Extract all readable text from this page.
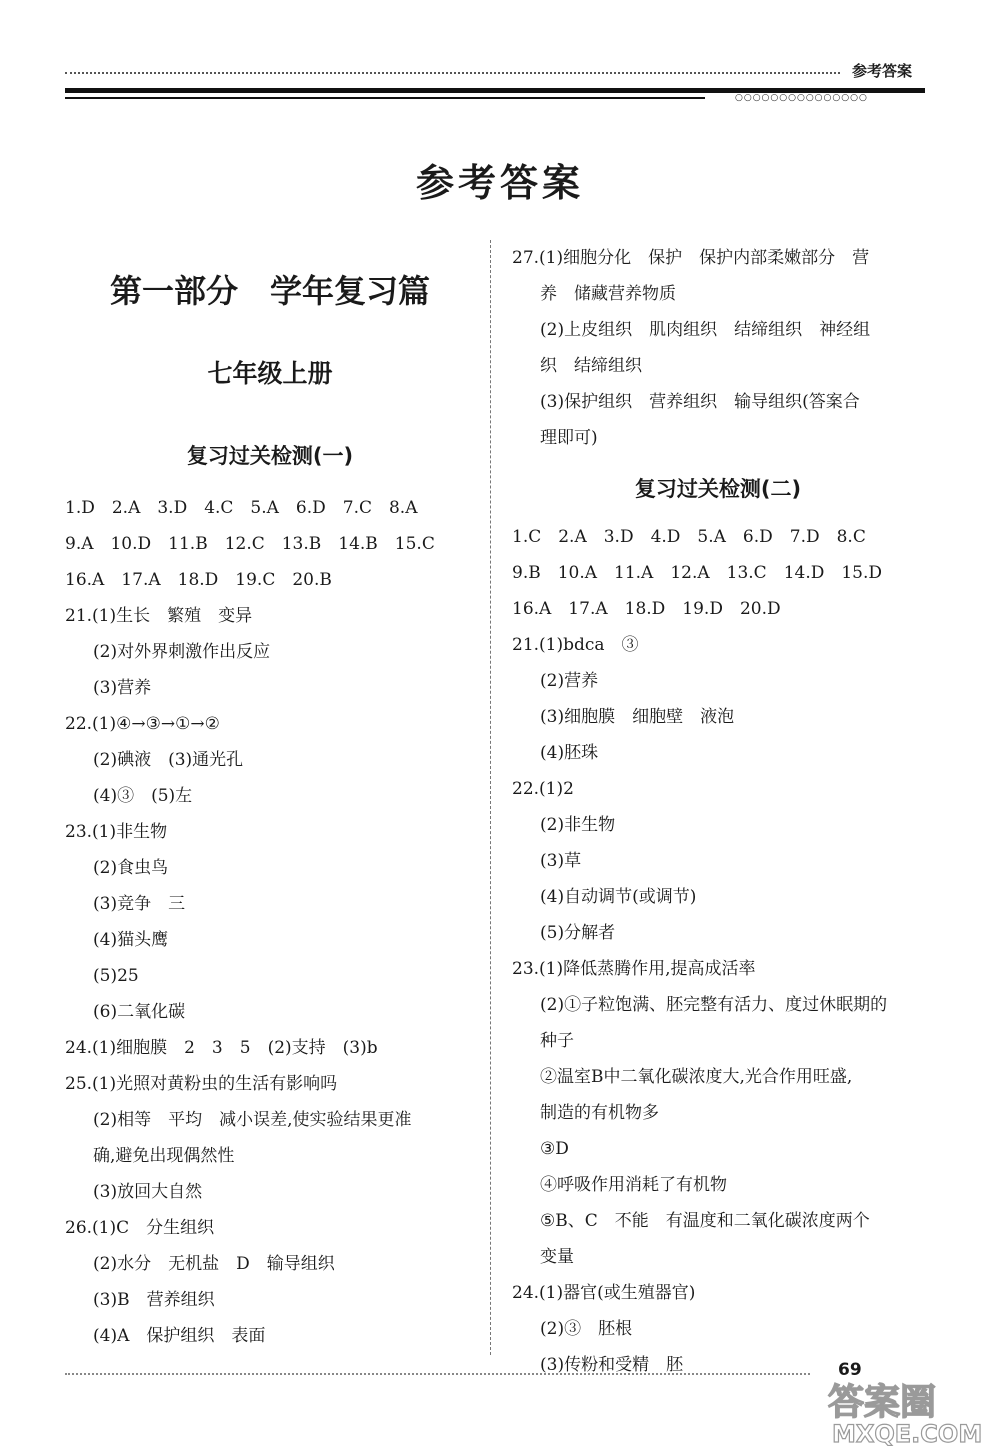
参考答案
○○○○○○○○○○○○○○○
参考答案
第一部分　学年复习篇
七年级上册
复习过关检测(一)
1.D　2.A　3.D　4.C　5.A　6.D　7.C　8.A
9.A　10.D　11.B　12.C　13.B　14.B　15.C
16.A　17.A　18.D　19.C　20.B
21.(1)生长　繁殖　变异
(2)对外界刺激作出反应
(3)营养
22.(1)④→③→①→②
(2)碘液　(3)通光孔
(4)③　(5)左
23.(1)非生物
(2)食虫鸟
(3)竞争　三
(4)猫头鹰
(5)25
(6)二氧化碳
24.(1)细胞膜　2　3　5　(2)支持　(3)b
25.(1)光照对黄粉虫的生活有影响吗
(2)相等　平均　减小误差,使实验结果更准
确,避免出现偶然性
(3)放回大自然
26.(1)C　分生组织
(2)水分　无机盐　D　输导组织
(3)B　营养组织
(4)A　保护组织　表面
27.(1)细胞分化　保护　保护内部柔嫩部分　营
养　储藏营养物质
(2)上皮组织　肌肉组织　结缔组织　神经组
织　结缔组织
(3)保护组织　营养组织　输导组织(答案合
理即可)
复习过关检测(二)
1.C　2.A　3.D　4.D　5.A　6.D　7.D　8.C
9.B　10.A　11.A　12.A　13.C　14.D　15.D
16.A　17.A　18.D　19.D　20.D
21.(1)bdca　③
(2)营养
(3)细胞膜　细胞壁　液泡
(4)胚珠
22.(1)2
(2)非生物
(3)草
(4)自动调节(或调节)
(5)分解者
23.(1)降低蒸腾作用,提高成活率
(2)①子粒饱满、胚完整有活力、度过休眠期的
种子
②温室B中二氧化碳浓度大,光合作用旺盛,
制造的有机物多
③D
④呼吸作用消耗了有机物
⑤B、C　不能　有温度和二氧化碳浓度两个
变量
24.(1)器官(或生殖器官)
(2)③　胚根
(3)传粉和受精　胚	69
答案圈
MXQE.COM
